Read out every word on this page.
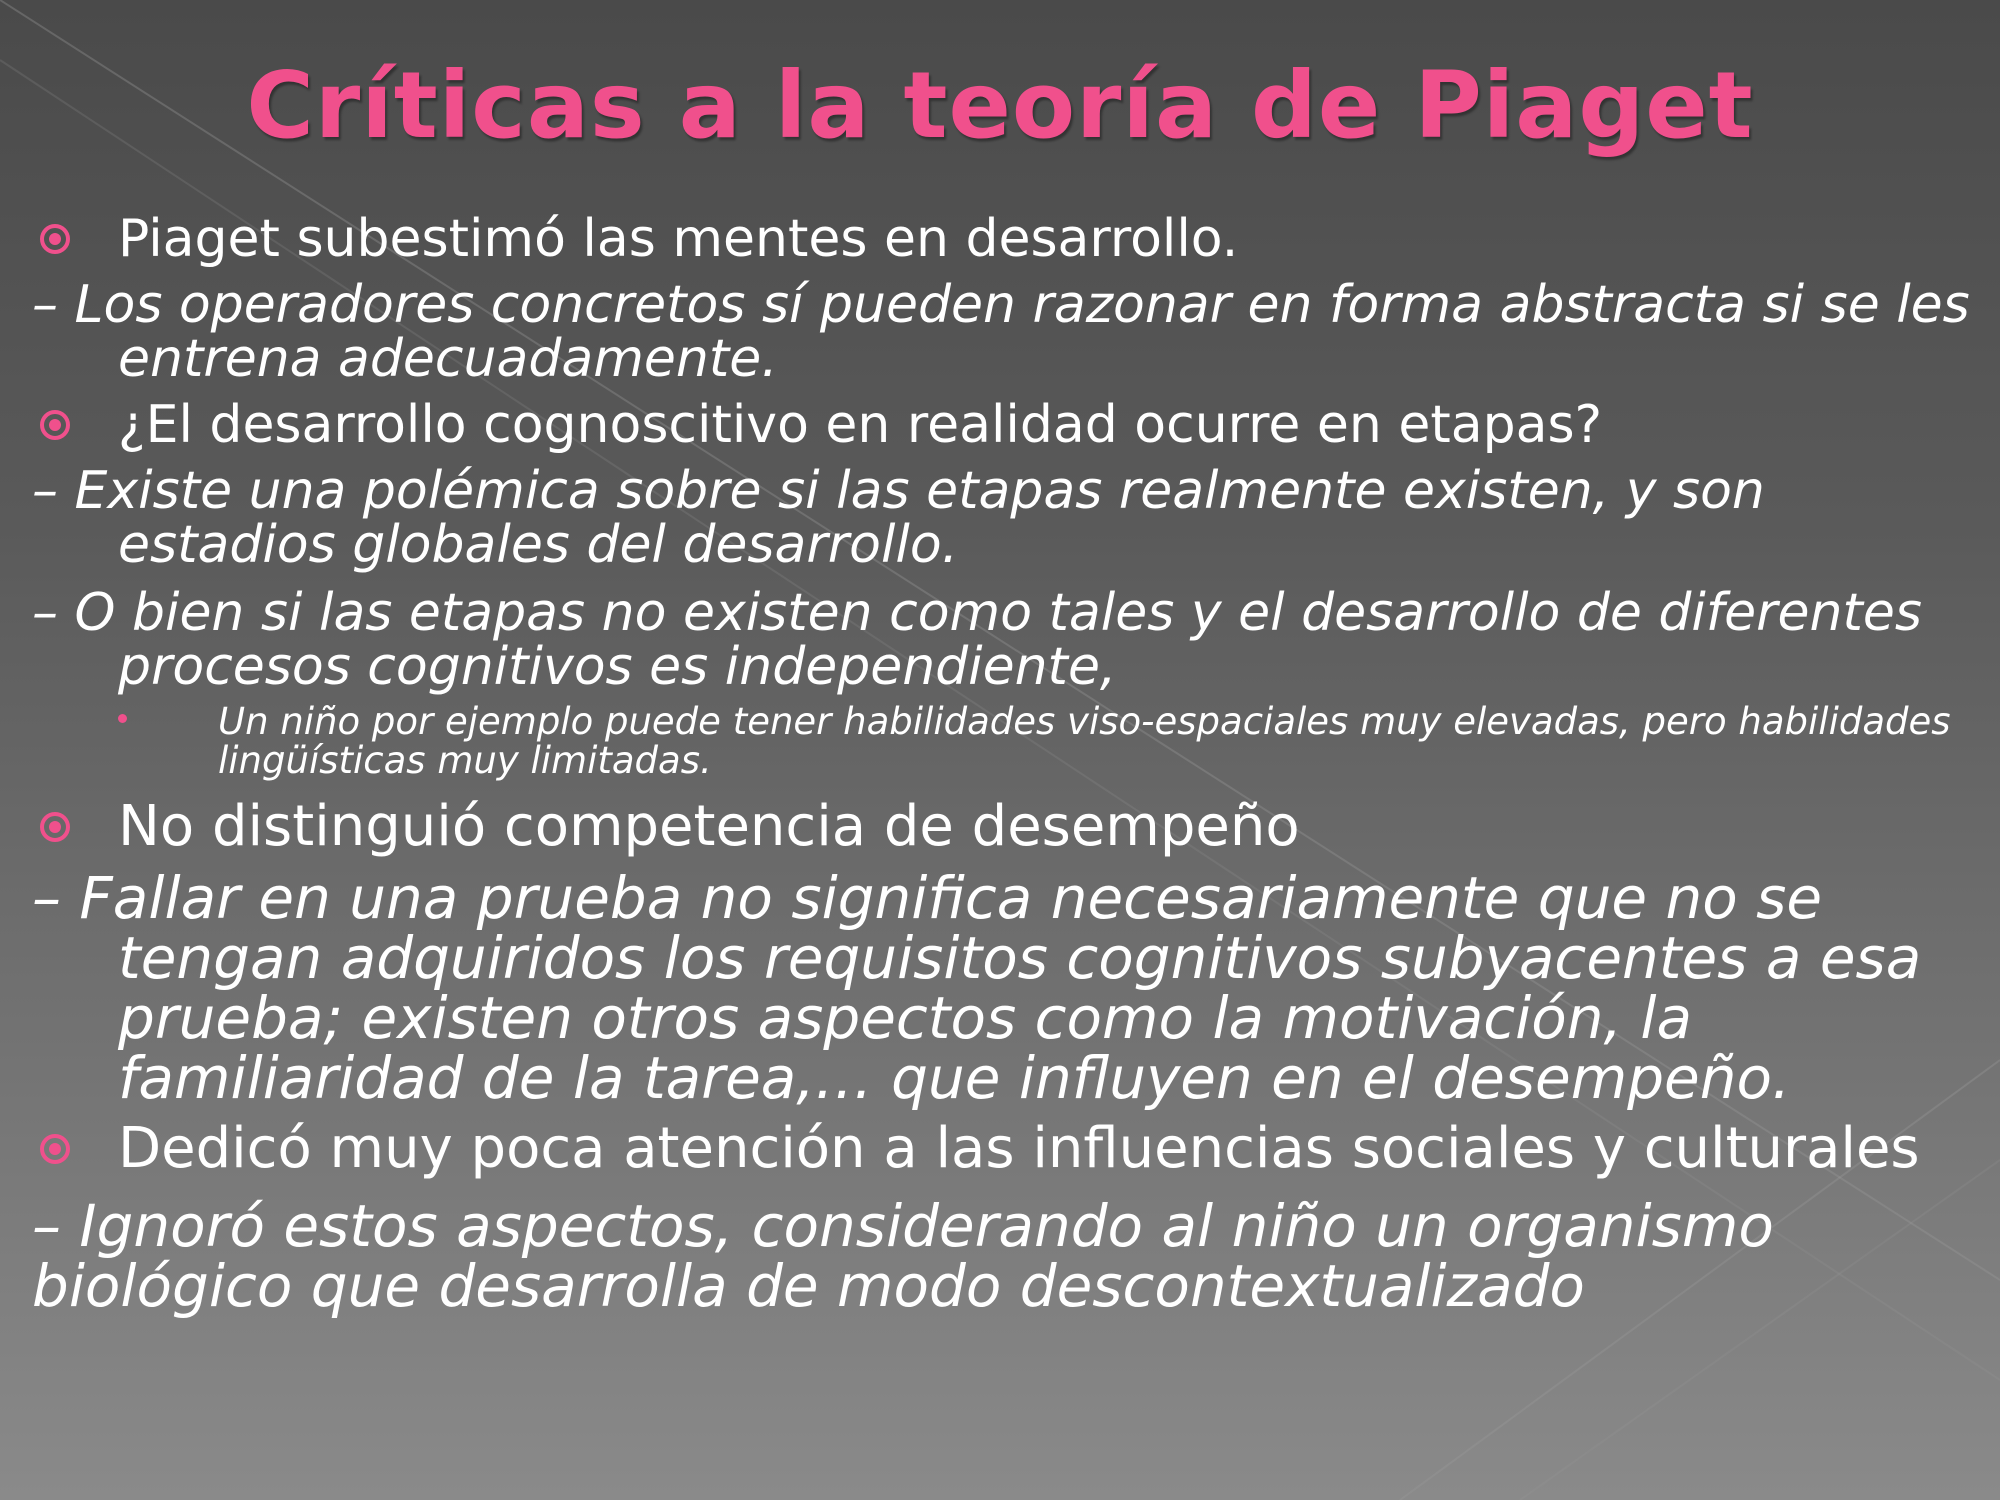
Críticas a la teoría de Piaget
Piaget subestimó las mentes en desarrollo.
– Los operadores concretos sí pueden razonar en forma abstracta si se les entrena adecuadamente.
¿El desarrollo cognoscitivo en realidad ocurre en etapas?
– Existe una polémica sobre si las etapas realmente existen, y son estadios globales del desarrollo.
– O bien si las etapas no existen como tales y el desarrollo de diferentes procesos cognitivos es independiente,
Un niño por ejemplo puede tener habilidades viso-espaciales muy elevadas, pero habilidades lingüísticas muy limitadas.
No distinguió competencia de desempeño
– Fallar en una prueba no significa necesariamente que no se tengan adquiridos los requisitos cognitivos subyacentes a esa prueba; existen otros aspectos como la motivación, la familiaridad de la tarea,… que influyen en el desempeño.
Dedicó muy poca atención a las influencias sociales y culturales
– Ignoró estos aspectos, considerando al niño un organismo biológico que desarrolla de modo descontextualizado
